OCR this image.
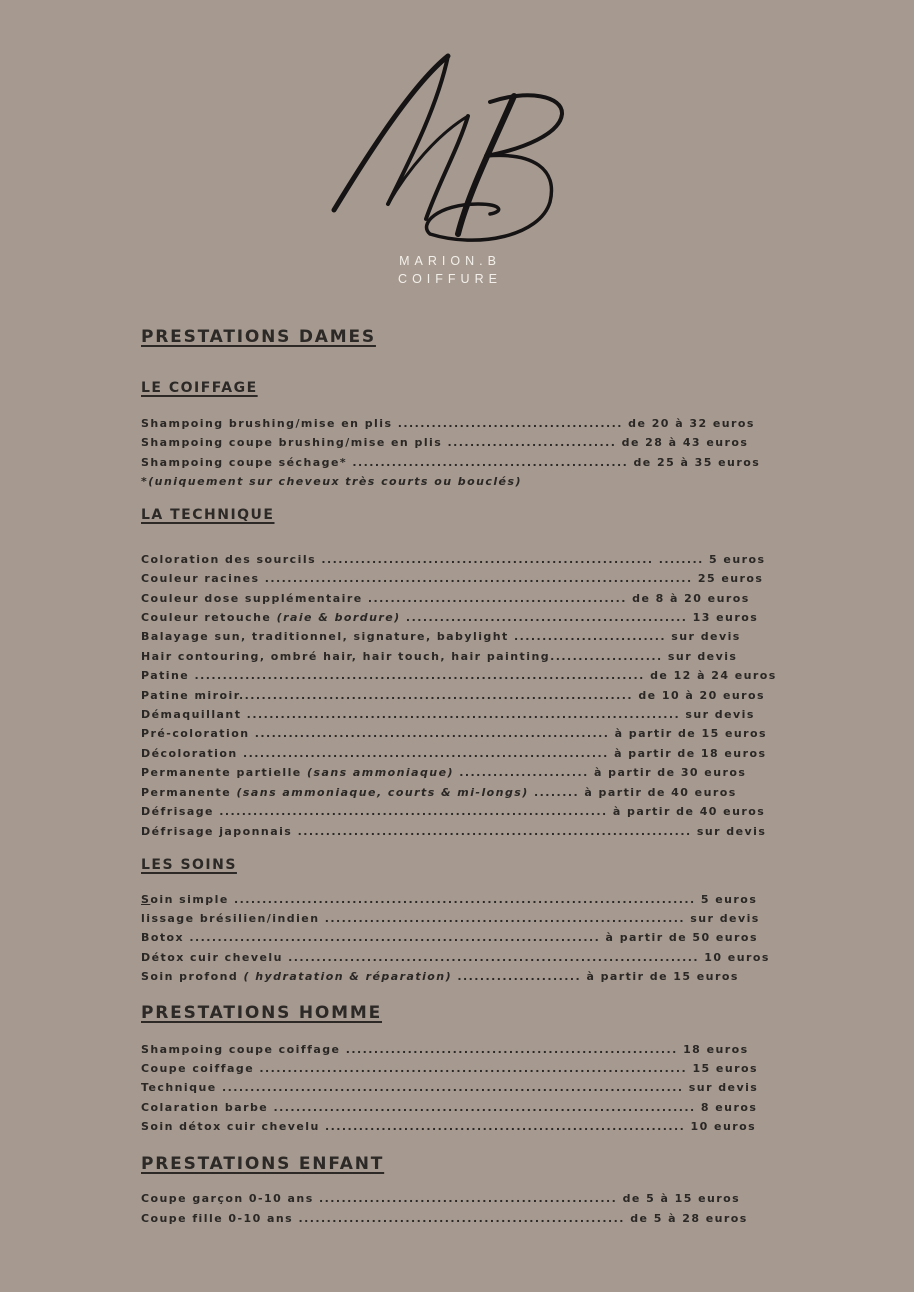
MARION.B
COIFFURE
PRESTATIONS DAMES
LE COIFFAGE
Shampoing brushing/mise en plis ........................................ de 20 à 32 euros
Shampoing coupe brushing/mise en plis .............................. de 28 à 43 euros
Shampoing coupe séchage* ................................................. de 25 à 35 euros
*(uniquement sur cheveux très courts ou bouclés)
LA TECHNIQUE
Coloration des sourcils ........................................................... ........ 5 euros
Couleur racines ............................................................................ 25 euros
Couleur dose supplémentaire .............................................. de 8 à 20 euros
Couleur retouche (raie & bordure) .................................................. 13 euros
Balayage sun, traditionnel, signature, babylight ........................... sur devis
Hair contouring, ombré hair, hair touch, hair painting.................... sur devis
Patine ................................................................................ de 12 à 24 euros
Patine miroir...................................................................... de 10 à 20 euros
Démaquillant ............................................................................. sur devis
Pré-coloration ............................................................... à partir de 15 euros
Décoloration ................................................................. à partir de 18 euros
Permanente partielle (sans ammoniaque) ....................... à partir de 30 euros
Permanente (sans ammoniaque, courts & mi-longs) ........ à partir de 40 euros
Défrisage ..................................................................... à partir de 40 euros
Défrisage japonnais ...................................................................... sur devis
LES SOINS
Soin simple .................................................................................. 5 euros
lissage brésilien/indien ................................................................ sur devis
Botox ......................................................................... à partir de 50 euros
Détox cuir chevelu ......................................................................... 10 euros
Soin profond ( hydratation & réparation) ...................... à partir de 15 euros
PRESTATIONS HOMME
Shampoing coupe coiffage ........................................................... 18 euros
Coupe coiffage ............................................................................ 15 euros
Technique .................................................................................. sur devis
Colaration barbe ........................................................................... 8 euros
Soin détox cuir chevelu ................................................................ 10 euros
PRESTATIONS ENFANT
Coupe garçon 0-10 ans ..................................................... de 5 à 15 euros
Coupe fille 0-10 ans .......................................................... de 5 à 28 euros
